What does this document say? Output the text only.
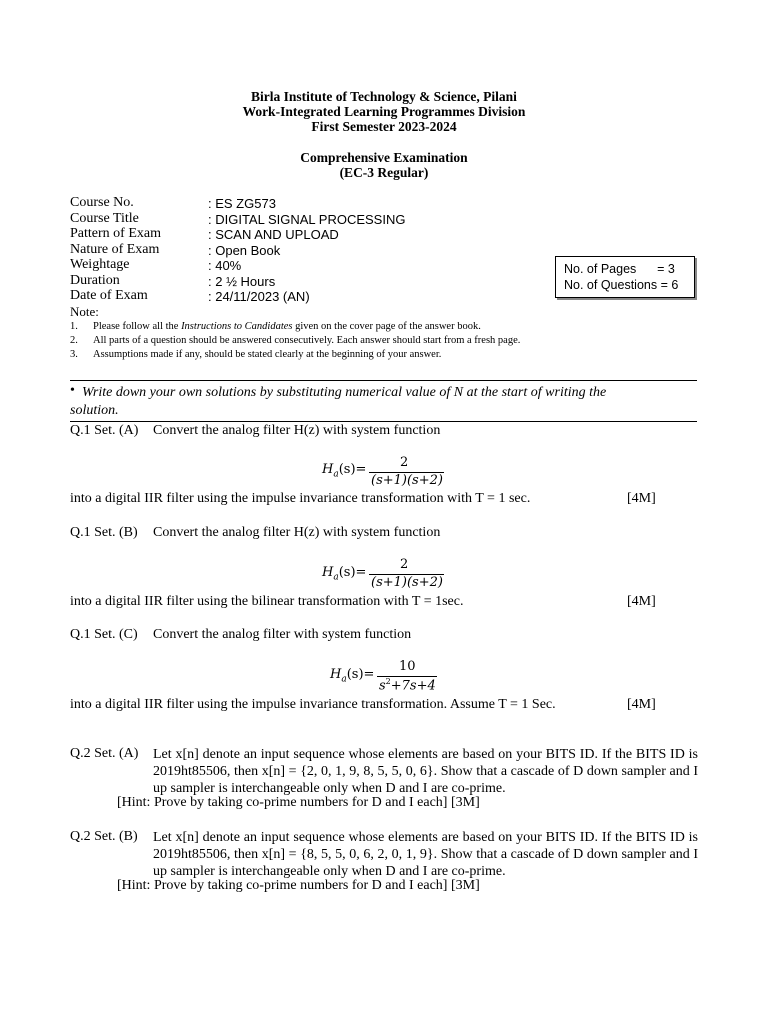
Birla Institute of Technology & Science, Pilani
Work-Integrated Learning Programmes Division
First Semester 2023-2024
Comprehensive Examination
(EC-3 Regular)
Course No.	: ES ZG573
Course Title	: DIGITAL SIGNAL PROCESSING
Pattern of Exam	: SCAN AND UPLOAD
Nature of Exam	: Open Book
Weightage	: 40%
Duration	: 2 ½ Hours
Date of Exam	: 24/11/2023 (AN)
No. of Pages      = 3
No. of Questions = 6
Note:
1. Please follow all the Instructions to Candidates given on the cover page of the answer book.
2. All parts of a question should be answered consecutively. Each answer should start from a fresh page.
3. Assumptions made if any, should be stated clearly at the beginning of your answer.
• Write down your own solutions by substituting numerical value of N at the start of writing the
solution.
Q.1 Set. (A) Convert the analog filter H(z) with system function
$H_a(s)=$	2
(s+1)(s+2)
into a digital IIR filter using the impulse invariance transformation with T = 1 sec.	[4M]
Q.1 Set. (B) Convert the analog filter H(z) with system function
$H_a(s)=$
2
(s+1)(s+2)
into a digital IIR filter using the bilinear transformation with T = 1sec.	[4M]
Q.1 Set. (C) Convert the analog filter with system function
$H_a(s)=$
10
$s^2+7s+4$
into a digital IIR filter using the impulse invariance transformation. Assume T = 1 Sec.	[4M]
Q.2 Set. (A) Let x[n] denote an input sequence whose elements are based on your BITS ID. If the BITS ID is 2019ht85506, then x[n] = {2, 0, 1, 9, 8, 5, 5, 0, 6}. Show that a cascade of D down sampler and I up sampler is interchangeable only when D and I are co-prime.
[Hint: Prove by taking co-prime numbers for D and I each] [3M]
Q.2 Set. (B) Let x[n] denote an input sequence whose elements are based on your BITS ID. If the BITS ID is 2019ht85506, then x[n] = {8, 5, 5, 0, 6, 2, 0, 1, 9}. Show that a cascade of D down sampler and I up sampler is interchangeable only when D and I are co-prime.
[Hint: Prove by taking co-prime numbers for D and I each] [3M]
